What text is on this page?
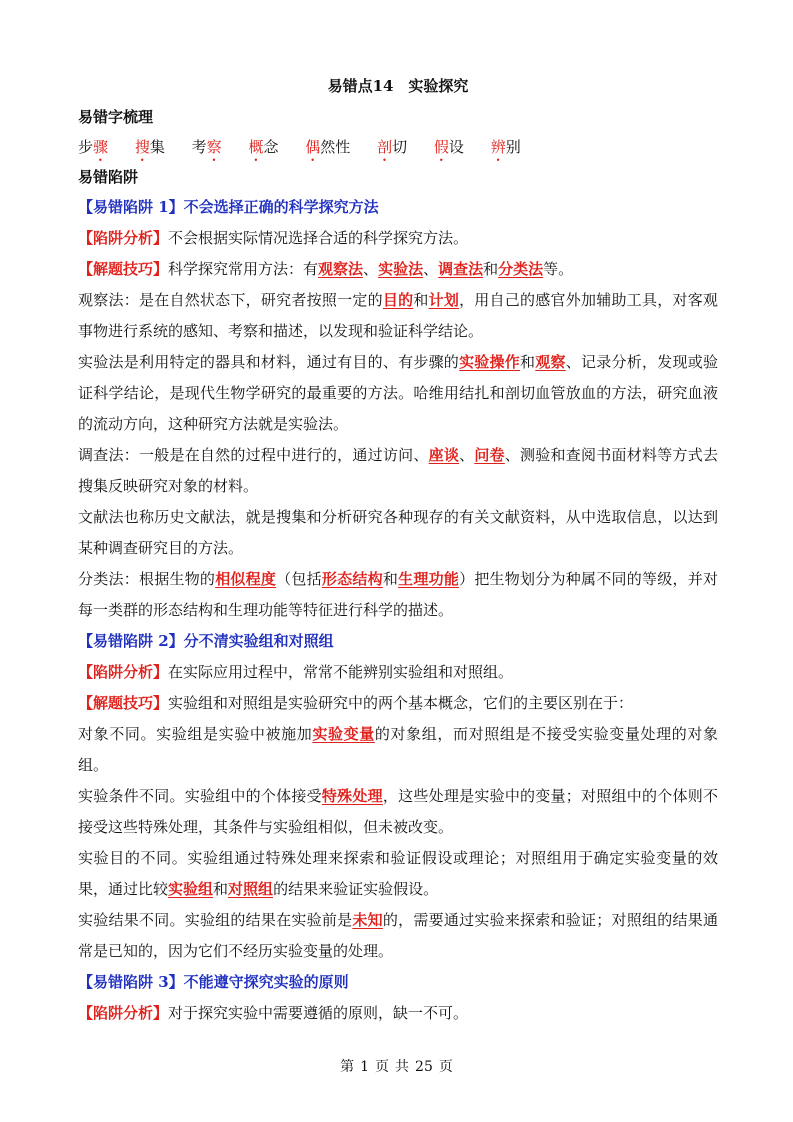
易错点14　实验探究
易错字梳理
步骤 搜集 考察 概念 偶然性 剖切 假设 辨别
易错陷阱
【易错陷阱 1】不会选择正确的科学探究方法

【陷阱分析】不会根据实际情况选择合适的科学探究方法。

【解题技巧】科学探究常用方法：有观察法、实验法、调查法和分类法等。

观察法：是在自然状态下，研究者按照一定的目的和计划，用自己的感官外加辅助工具，对客观事物进行系统的感知、考察和描述，以发现和验证科学结论。

实验法是利用特定的器具和材料，通过有目的、有步骤的实验操作和观察、记录分析，发现或验证科学结论，是现代生物学研究的最重要的方法。哈维用结扎和剖切血管放血的方法，研究血液的流动方向，这种研究方法就是实验法。

调查法：一般是在自然的过程中进行的，通过访问、座谈、问卷、测验和查阅书面材料等方式去搜集反映研究对象的材料。

文献法也称历史文献法，就是搜集和分析研究各种现存的有关文献资料，从中选取信息，以达到某种调查研究目的方法。

分类法：根据生物的相似程度（包括形态结构和生理功能）把生物划分为种属不同的等级，并对每一类群的形态结构和生理功能等特征进行科学的描述。

【易错陷阱 2】分不清实验组和对照组

【陷阱分析】在实际应用过程中，常常不能辨别实验组和对照组。

【解题技巧】实验组和对照组是实验研究中的两个基本概念，它们的主要区别在于：

对象不同。实验组是实验中被施加实验变量的对象组，而对照组是不接受实验变量处理的对象组。

实验条件不同。实验组中的个体接受特殊处理，这些处理是实验中的变量；对照组中的个体则不接受这些特殊处理，其条件与实验组相似，但未被改变。

实验目的不同。实验组通过特殊处理来探索和验证假设或理论；对照组用于确定实验变量的效果，通过比较实验组和对照组的结果来验证实验假设。

实验结果不同。实验组的结果在实验前是未知的，需要通过实验来探索和验证；对照组的结果通常是已知的，因为它们不经历实验变量的处理。

【易错陷阱 3】不能遵守探究实验的原则

【陷阱分析】对于探究实验中需要遵循的原则，缺一不可。

第 1 页 共 25 页
